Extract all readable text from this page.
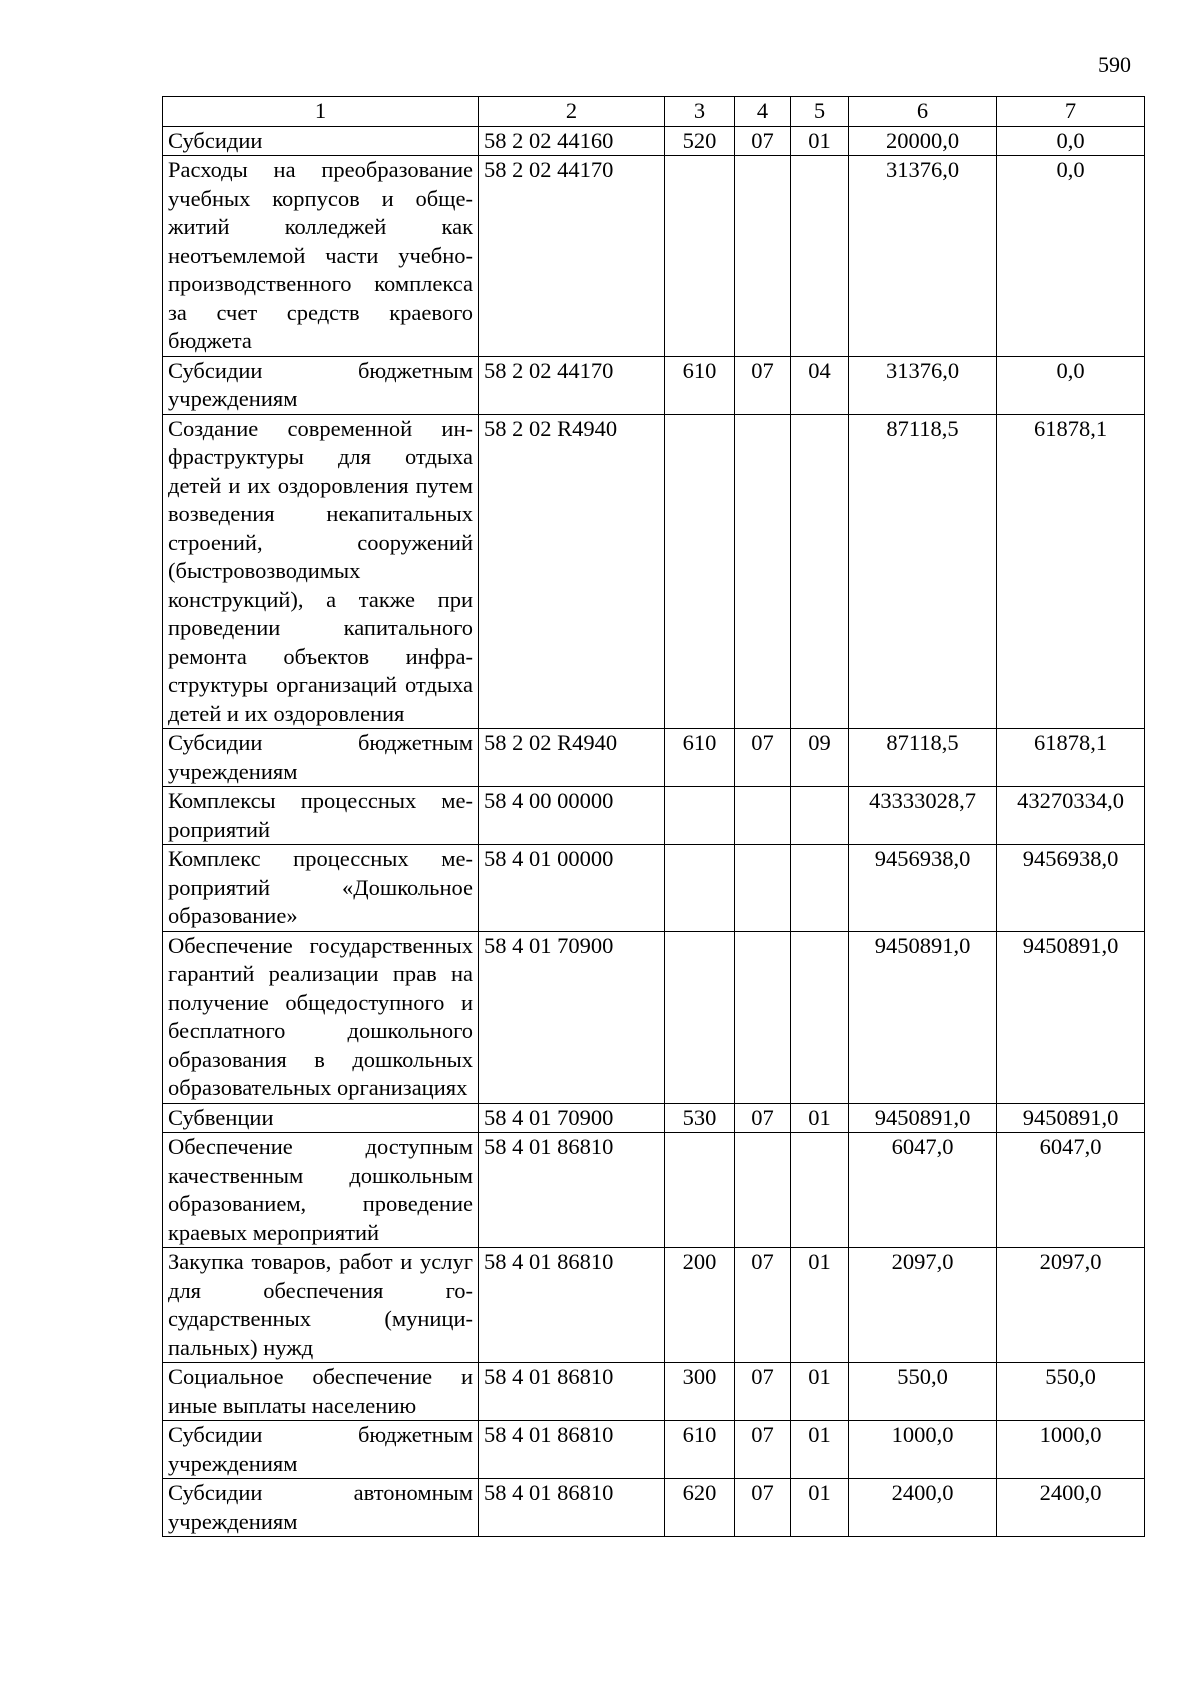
590
1	2	3	4	5	6	7
Субсидии	58 2 02 44160	520	07	01	20000,0	0,0
Расходы на преобразование учебных корпусов и общежитий колледжей как неотъемлемой части учебно-производственного комплекса за счет средств краевого бюджета	58 2 02 44170				31376,0	0,0
Субсидии бюджетным учреждениям	58 2 02 44170	610	07	04	31376,0	0,0
Создание современной инфраструктуры для отдыха детей и их оздоровления путем возведения некапитальных строений, сооружений (быстровозводимых конструкций), а также при проведении капитального ремонта объектов инфраструктуры организаций отдыха детей и их оздоровления	58 2 02 R4940				87118,5	61878,1
Субсидии бюджетным учреждениям	58 2 02 R4940	610	07	09	87118,5	61878,1
Комплексы процессных мероприятий	58 4 00 00000				43333028,7	43270334,0
Комплекс процессных мероприятий «Дошкольное образование»	58 4 01 00000				9456938,0	9456938,0
Обеспечение государственных гарантий реализации прав на получение общедоступного и бесплатного дошкольного образования в дошкольных образовательных организациях	58 4 01 70900				9450891,0	9450891,0
Субвенции	58 4 01 70900	530	07	01	9450891,0	9450891,0
Обеспечение доступным качественным дошкольным образованием, проведение краевых мероприятий	58 4 01 86810				6047,0	6047,0
Закупка товаров, работ и услуг для обеспечения государственных (муниципальных) нужд	58 4 01 86810	200	07	01	2097,0	2097,0
Социальное обеспечение и иные выплаты населению	58 4 01 86810	300	07	01	550,0	550,0
Субсидии бюджетным учреждениям	58 4 01 86810	610	07	01	1000,0	1000,0
Субсидии автономным учреждениям	58 4 01 86810	620	07	01	2400,0	2400,0
